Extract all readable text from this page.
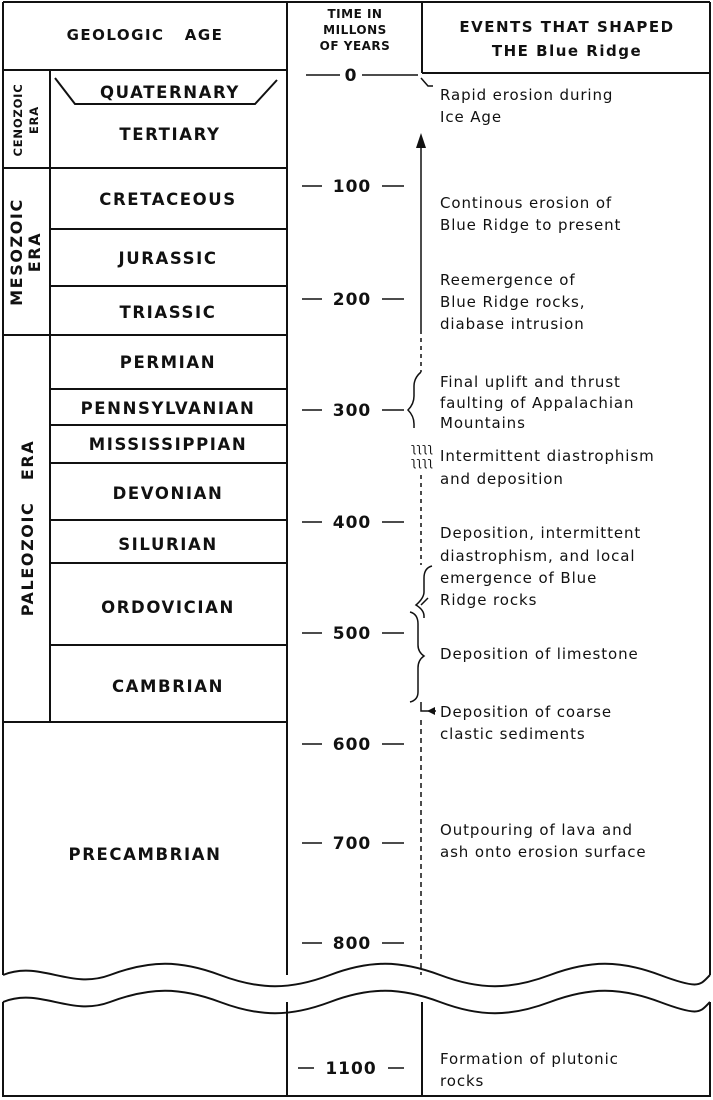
GEOLOGIC   AGE
TIME IN
MILLONS
OF YEARS
EVENTS THAT SHAPED
THE Blue Ridge
CENOZOIC ERA
MESOZOIC ERA
PALEOZOIC   ERA
QUATERNARY
TERTIARY
CRETACEOUS
JURASSIC
TRIASSIC
PERMIAN
PENNSYLVANIAN
MISSISSIPPIAN
DEVONIAN
SILURIAN
ORDOVICIAN
CAMBRIAN
PRECAMBRIAN
0
100
200
300
400
500
600
700
800
1100
ʅʅʅʅ
ʅʅʅʅ
Rapid erosion during
Ice Age
Continous erosion of
Blue Ridge to present
Reemergence of
Blue Ridge rocks,
diabase intrusion
Final uplift and thrust
faulting of Appalachian
Mountains
Intermittent diastrophism
and deposition
Deposition, intermittent
diastrophism, and local
emergence of Blue
Ridge rocks
Deposition of limestone
Deposition of coarse
clastic sediments
Outpouring of lava and
ash onto erosion surface
Formation of plutonic
rocks
